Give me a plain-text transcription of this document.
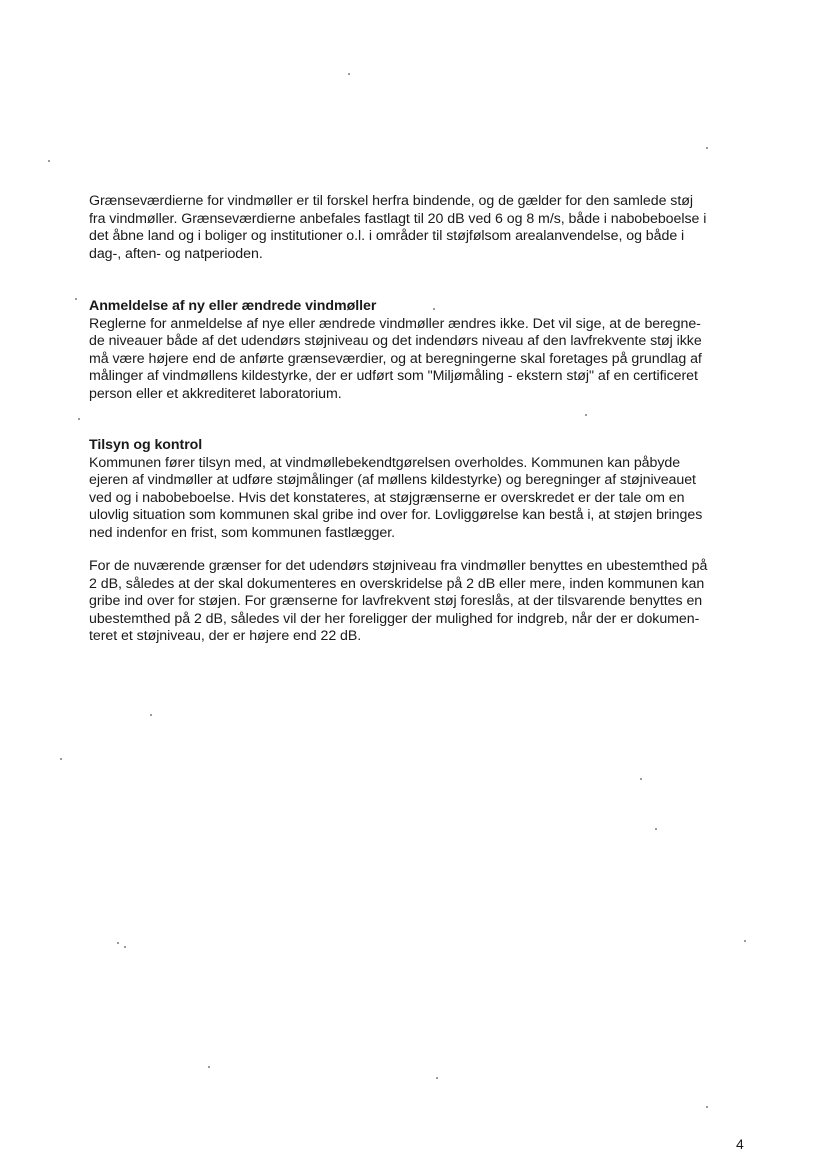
Grænseværdierne for vindmøller er til forskel herfra bindende, og de gælder for den samlede støj
fra vindmøller. Grænseværdierne anbefales fastlagt til 20 dB ved 6 og 8 m/s, både i nabobeboelse i
det åbne land og i boliger og institutioner o.l. i områder til støjfølsom arealanvendelse, og både i
dag-, aften- og natperioden.

Anmeldelse af ny eller ændrede vindmøller
Reglerne for anmeldelse af nye eller ændrede vindmøller ændres ikke. Det vil sige, at de beregne-
de niveauer både af det udendørs støjniveau og det indendørs niveau af den lavfrekvente støj ikke
må være højere end de anførte grænseværdier, og at beregningerne skal foretages på grundlag af
målinger af vindmøllens kildestyrke, der er udført som "Miljømåling - ekstern støj" af en certificeret
person eller et akkrediteret laboratorium.

Tilsyn og kontrol
Kommunen fører tilsyn med, at vindmøllebekendtgørelsen overholdes. Kommunen kan påbyde
ejeren af vindmøller at udføre støjmålinger (af møllens kildestyrke) og beregninger af støjniveauet
ved og i nabobeboelse. Hvis det konstateres, at støjgrænserne er overskredet er der tale om en
ulovlig situation som kommunen skal gribe ind over for. Lovliggørelse kan bestå i, at støjen bringes
ned indenfor en frist, som kommunen fastlægger.

For de nuværende grænser for det udendørs støjniveau fra vindmøller benyttes en ubestemthed på
2 dB, således at der skal dokumenteres en overskridelse på 2 dB eller mere, inden kommunen kan
gribe ind over for støjen. For grænserne for lavfrekvent støj foreslås, at der tilsvarende benyttes en
ubestemthed på 2 dB, således vil der her foreligger der mulighed for indgreb, når der er dokumen-
teret et støjniveau, der er højere end 22 dB.

4
